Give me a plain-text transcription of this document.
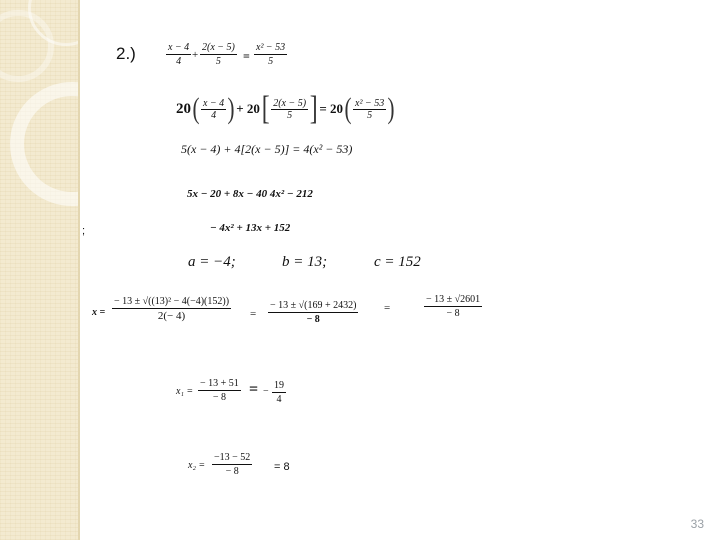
2.)
;
$\frac{x - 4}{4} + \frac{2(x - 5)}{5} = \frac{\text{x² − 53}}{5}$
20 ( $\frac{x - 4}{4}$ ) + 20 [ $\frac{2(x - 5)}{5}$ ] = 20 ( $\frac{\text{x² − 53}}{5}$ )
5(x − 4) + 4[2(x − 5)] = 4(x² − 53)
5x − 20 + 8x − 40 4x² − 212
− 4x² + 13x + 152
a = −4;	b = 13;	c = 152
$x = \frac{\text{− 13 ± √((13)² − 4(−4)(152))}}{2(- 4)} = \frac{- 13 \pm √(169 + 2432)}{- 8}$ =	$\frac{- 13 \pm √2601}{- 8}$
$x_1 = \frac{- 13 + 51}{- 8}$ = − $\frac{19}{4}$
$x_2 = \frac{-13 - 52}{- 8} = 8$
33
